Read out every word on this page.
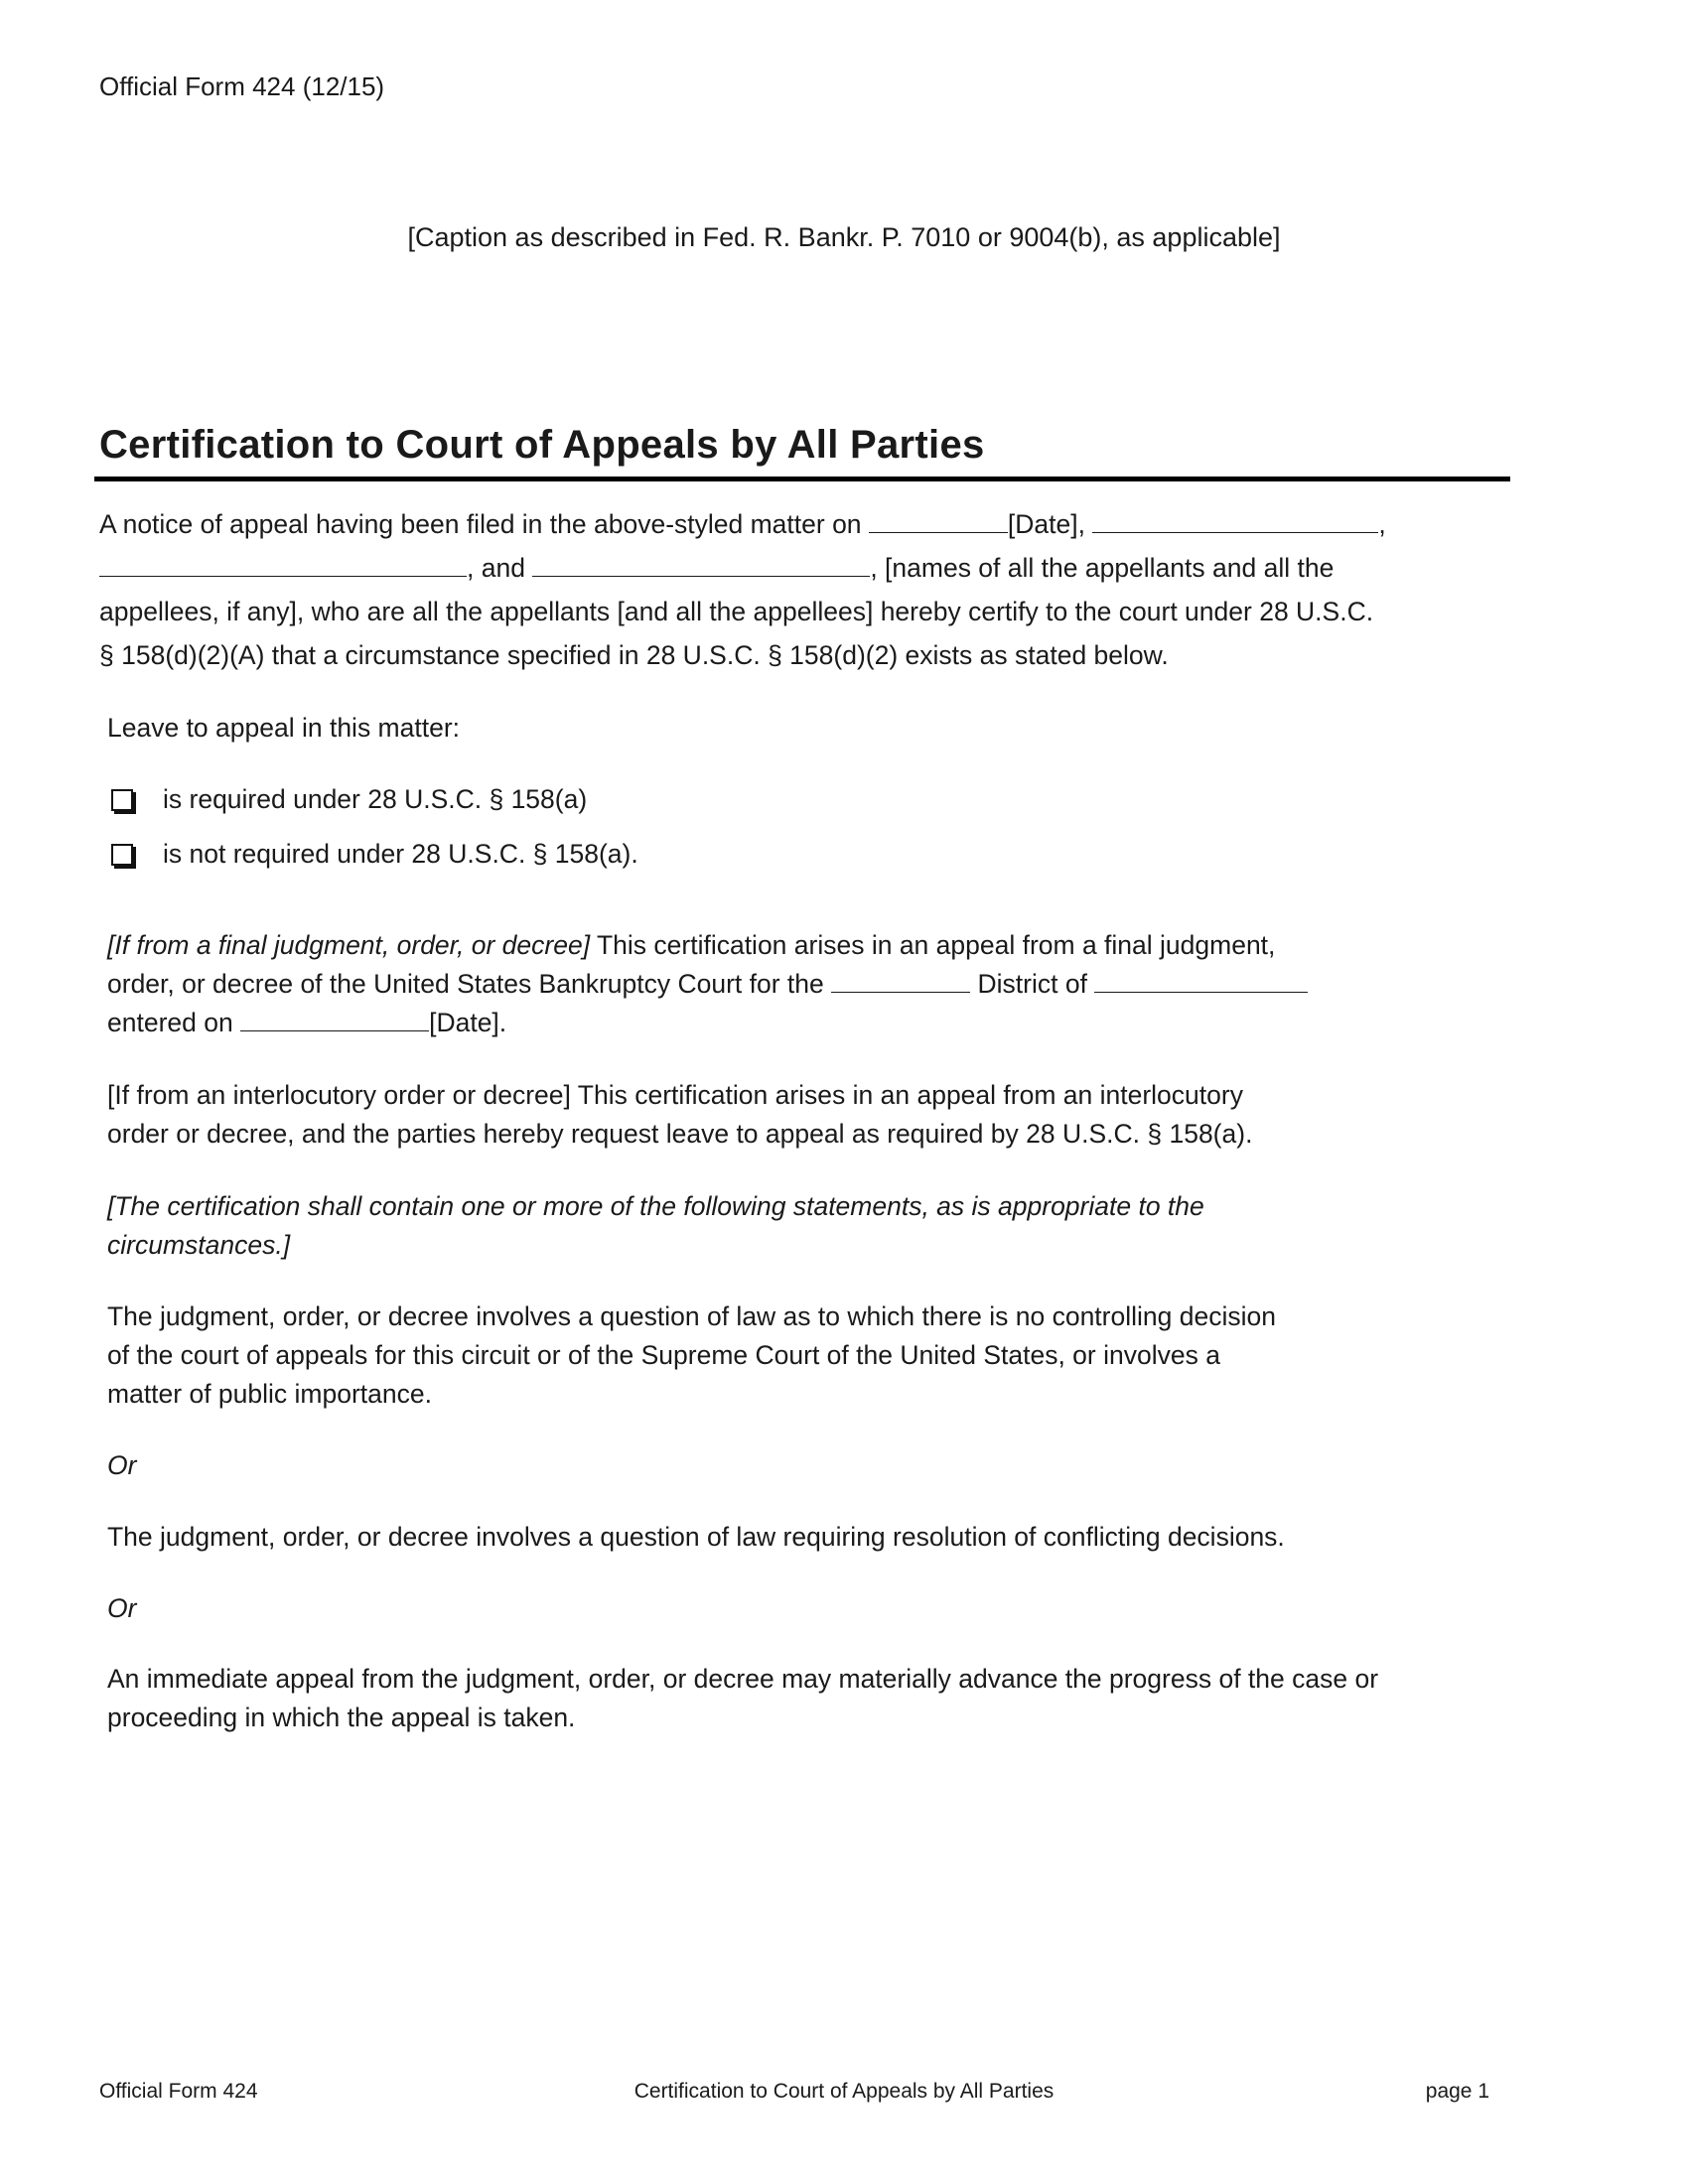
Official Form 424 (12/15)
[Caption as described in Fed. R. Bankr. P. 7010 or 9004(b), as applicable]
Certification to Court of Appeals by All Parties
A notice of appeal having been filed in the above-styled matter on	[Date],	,
, and	, [names of all the appellants and all the
appellees, if any], who are all the appellants [and all the appellees] hereby certify to the court under 28 U.S.C.
§ 158(d)(2)(A) that a circumstance specified in 28 U.S.C. § 158(d)(2) exists as stated below.
Leave to appeal in this matter:
is required under 28 U.S.C. § 158(a)
is not required under 28 U.S.C. § 158(a).
[If from a final judgment, order, or decree] This certification arises in an appeal from a final judgment,
order, or decree of the United States Bankruptcy Court for the	District of
entered on	[Date].
[If from an interlocutory order or decree] This certification arises in an appeal from an interlocutory
order or decree, and the parties hereby request leave to appeal as required by 28 U.S.C. § 158(a).
[The certification shall contain one or more of the following statements, as is appropriate to the
circumstances.]
The judgment, order, or decree involves a question of law as to which there is no controlling decision
of the court of appeals for this circuit or of the Supreme Court of the United States, or involves a
matter of public importance.
Or
The judgment, order, or decree involves a question of law requiring resolution of conflicting decisions.
Or
An immediate appeal from the judgment, order, or decree may materially advance the progress of the case or
proceeding in which the appeal is taken.
Official Form 424	Certification to Court of Appeals by All Parties	page 1
